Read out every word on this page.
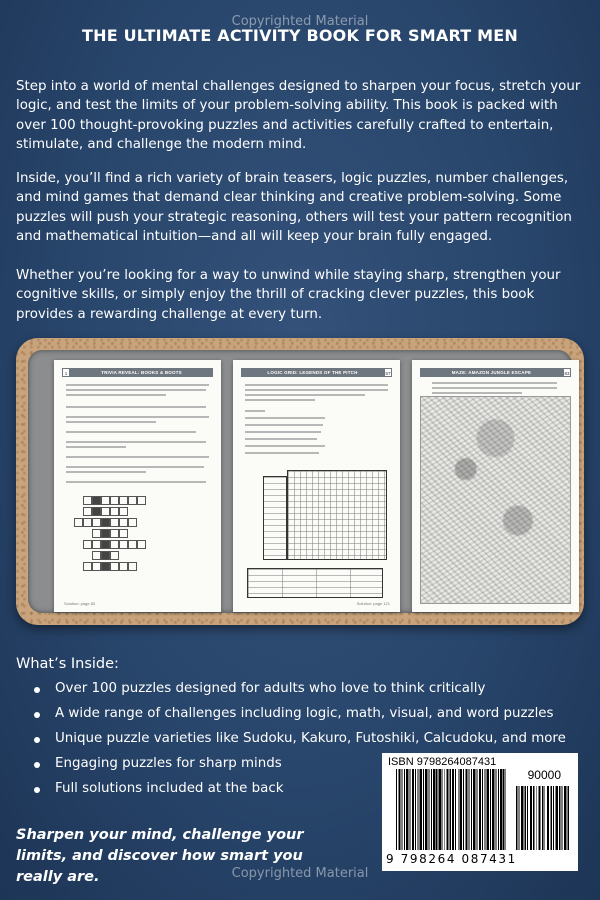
Copyrighted Material
THE ULTIMATE ACTIVITY BOOK FOR SMART MEN

Step into a world of mental challenges designed to sharpen your focus, stretch your logic, and test the limits of your problem-solving ability. This book is packed with over 100 thought-provoking puzzles and activities carefully crafted to entertain, stimulate, and challenge the modern mind.

Inside, you’ll find a rich variety of brain teasers, logic puzzles, number challenges, and mind games that demand clear thinking and creative problem-solving. Some puzzles will push your strategic reasoning, others will test your pattern recognition and mathematical intuition—and all will keep your brain fully engaged.

Whether you’re looking for a way to unwind while staying sharp, strengthen your cognitive skills, or simply enjoy the thrill of cracking clever puzzles, this book provides a rewarding challenge at every turn.

1	TRIVIA REVEAL: BOOKS & BOOTS
Solution: page 83
LOGIC GRID: LEGENDS OF THE PITCH	57
Solution: page 121
MAZE: AMAZON JUNGLE ESCAPE	83
What’s Inside:
Over 100 puzzles designed for adults who love to think critically
A wide range of challenges including logic, math, visual, and word puzzles
Unique puzzle varieties like Sudoku, Kakuro, Futoshiki, Calcudoku, and more
Engaging puzzles for sharp minds
Full solutions included at the back
Sharpen your mind, challenge your limits, and discover how smart you really are.
ISBN 9798264087431
90000
9 798264 087431
Copyrighted Material
